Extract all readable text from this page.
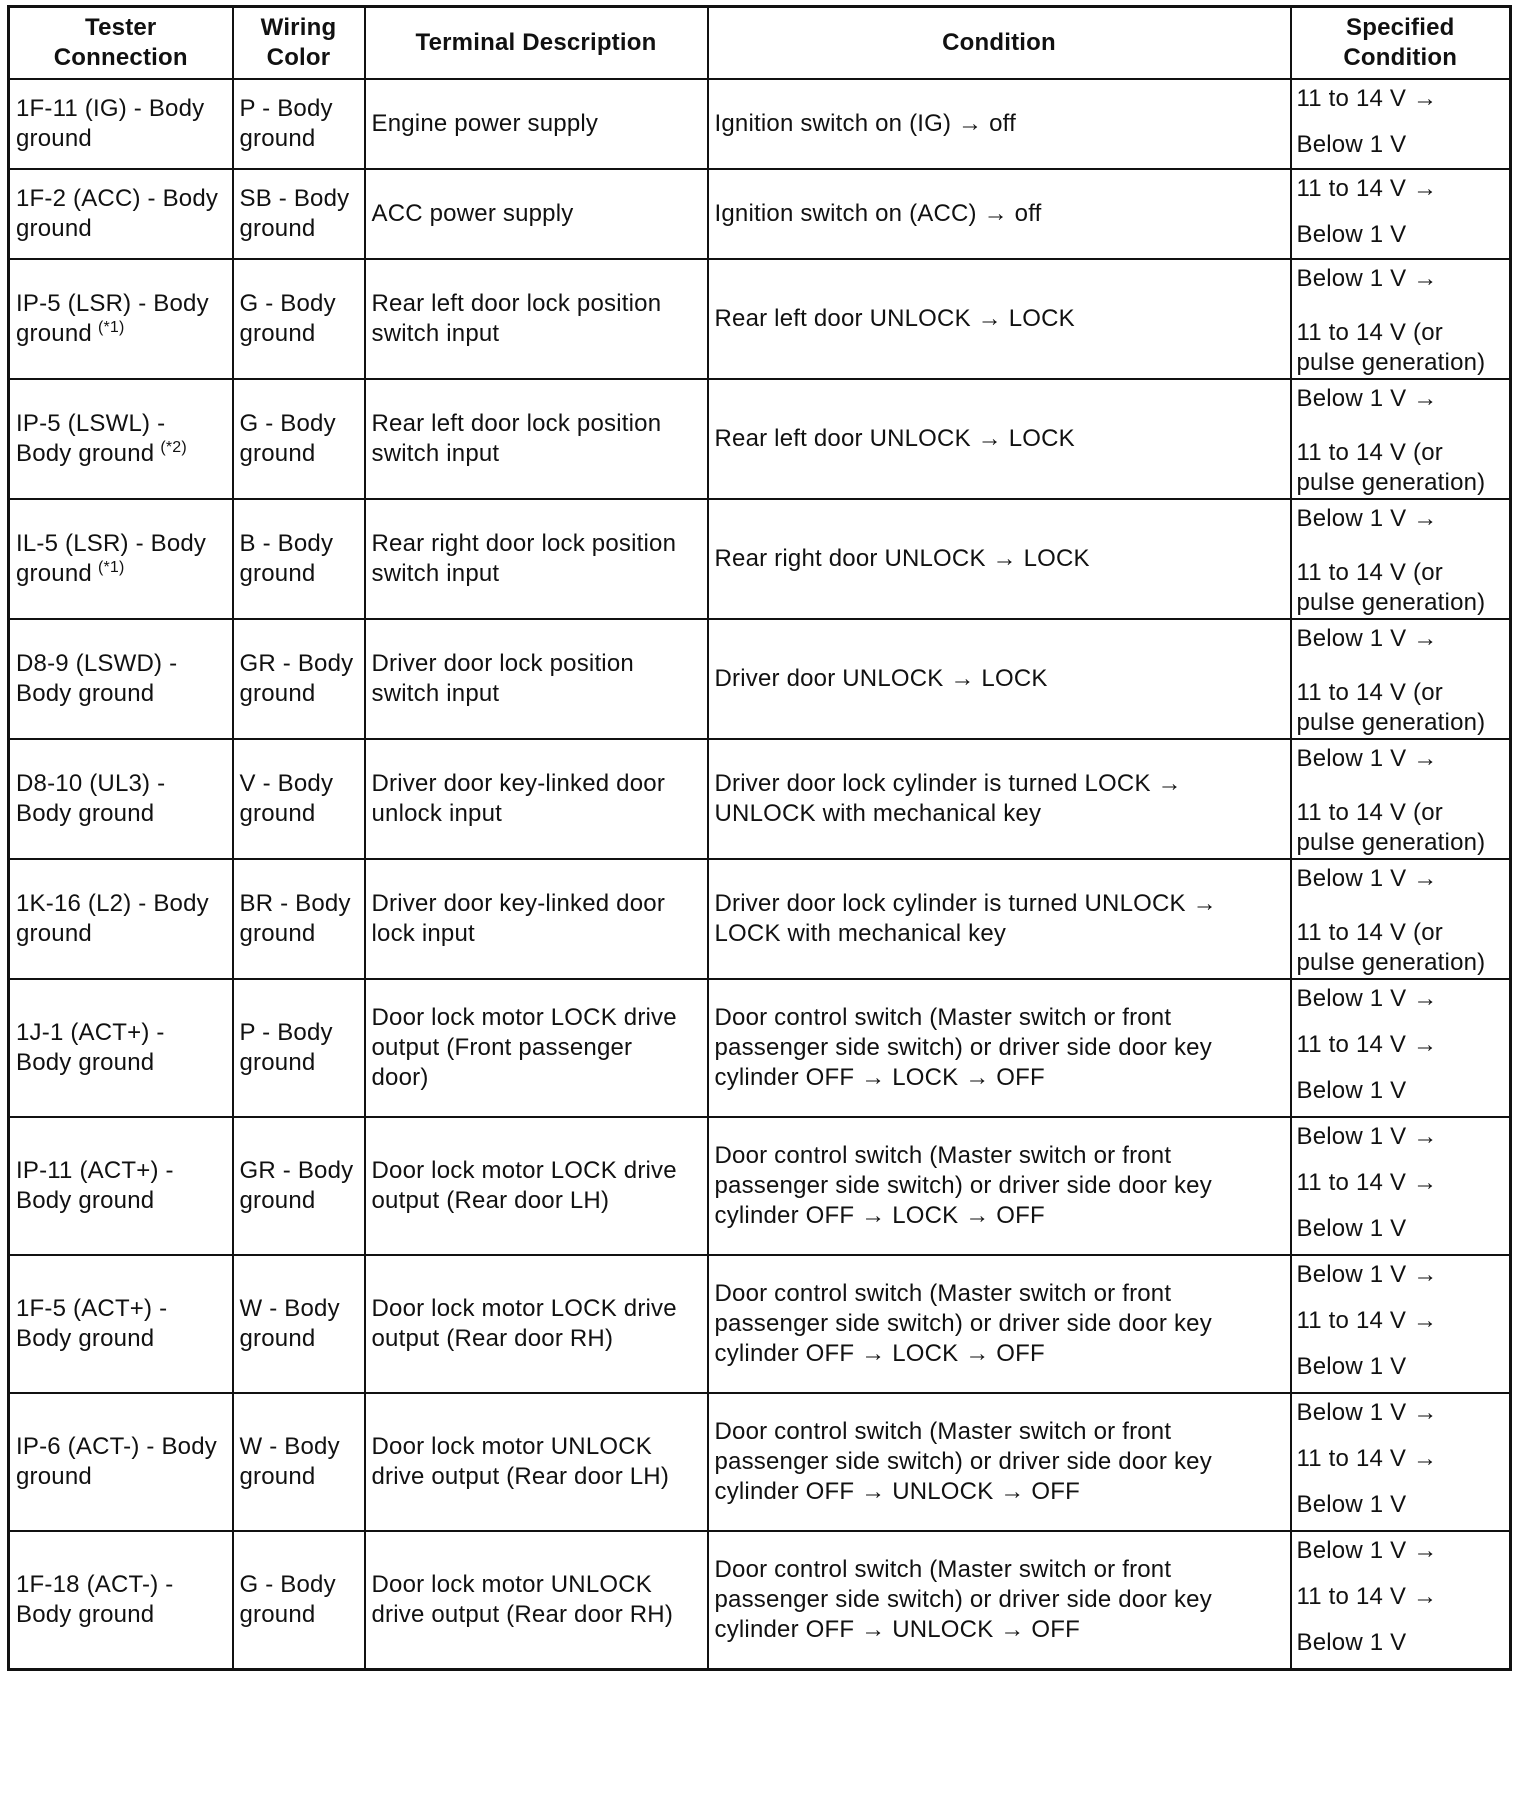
Tester
Connection	Wiring
Color	Terminal Description	Condition	Specified
Condition

1F-11 (IG) - Body
ground	P - Body
ground	Engine power supply	Ignition switch on (IG) → off	11 to 14 V →
Below 1 V

1F-2 (ACC) - Body
ground	SB - Body
ground	ACC power supply	Ignition switch on (ACC) → off	11 to 14 V →
Below 1 V

IP-5 (LSR) - Body
ground $^{(*1)}$	G - Body
ground	Rear left door lock position
switch input	Rear left door UNLOCK → LOCK	Below 1 V →
11 to 14 V (or
pulse generation)

IP-5 (LSWL) -
Body ground $^{(*2)}$	G - Body
ground	Rear left door lock position
switch input	Rear left door UNLOCK → LOCK	Below 1 V →
11 to 14 V (or
pulse generation)

IL-5 (LSR) - Body
ground $^{(*1)}$	B - Body
ground	Rear right door lock position
switch input	Rear right door UNLOCK → LOCK	Below 1 V →
11 to 14 V (or
pulse generation)

D8-9 (LSWD) -
Body ground	GR - Body
ground	Driver door lock position
switch input	Driver door UNLOCK → LOCK	Below 1 V →
11 to 14 V (or
pulse generation)

D8-10 (UL3) -
Body ground	V - Body
ground	Driver door key-linked door
unlock input	Driver door lock cylinder is turned LOCK →
UNLOCK with mechanical key	Below 1 V →
11 to 14 V (or
pulse generation)

1K-16 (L2) - Body
ground	BR - Body
ground	Driver door key-linked door
lock input	Driver door lock cylinder is turned UNLOCK →
LOCK with mechanical key	Below 1 V →
11 to 14 V (or
pulse generation)

1J-1 (ACT+) -
Body ground	P - Body
ground	Door lock motor LOCK drive
output (Front passenger
door)	Door control switch (Master switch or front
passenger side switch) or driver side door key
cylinder OFF → LOCK → OFF	Below 1 V →
11 to 14 V →
Below 1 V

IP-11 (ACT+) -
Body ground	GR - Body
ground	Door lock motor LOCK drive
output (Rear door LH)	Door control switch (Master switch or front
passenger side switch) or driver side door key
cylinder OFF → LOCK → OFF	Below 1 V →
11 to 14 V →
Below 1 V

1F-5 (ACT+) -
Body ground	W - Body
ground	Door lock motor LOCK drive
output (Rear door RH)	Door control switch (Master switch or front
passenger side switch) or driver side door key
cylinder OFF → LOCK → OFF	Below 1 V →
11 to 14 V →
Below 1 V

IP-6 (ACT-) - Body
ground	W - Body
ground	Door lock motor UNLOCK
drive output (Rear door LH)	Door control switch (Master switch or front
passenger side switch) or driver side door key
cylinder OFF → UNLOCK → OFF	Below 1 V →
11 to 14 V →
Below 1 V

1F-18 (ACT-) -
Body ground	G - Body
ground	Door lock motor UNLOCK
drive output (Rear door RH)	Door control switch (Master switch or front
passenger side switch) or driver side door key
cylinder OFF → UNLOCK → OFF	Below 1 V →
11 to 14 V →
Below 1 V
